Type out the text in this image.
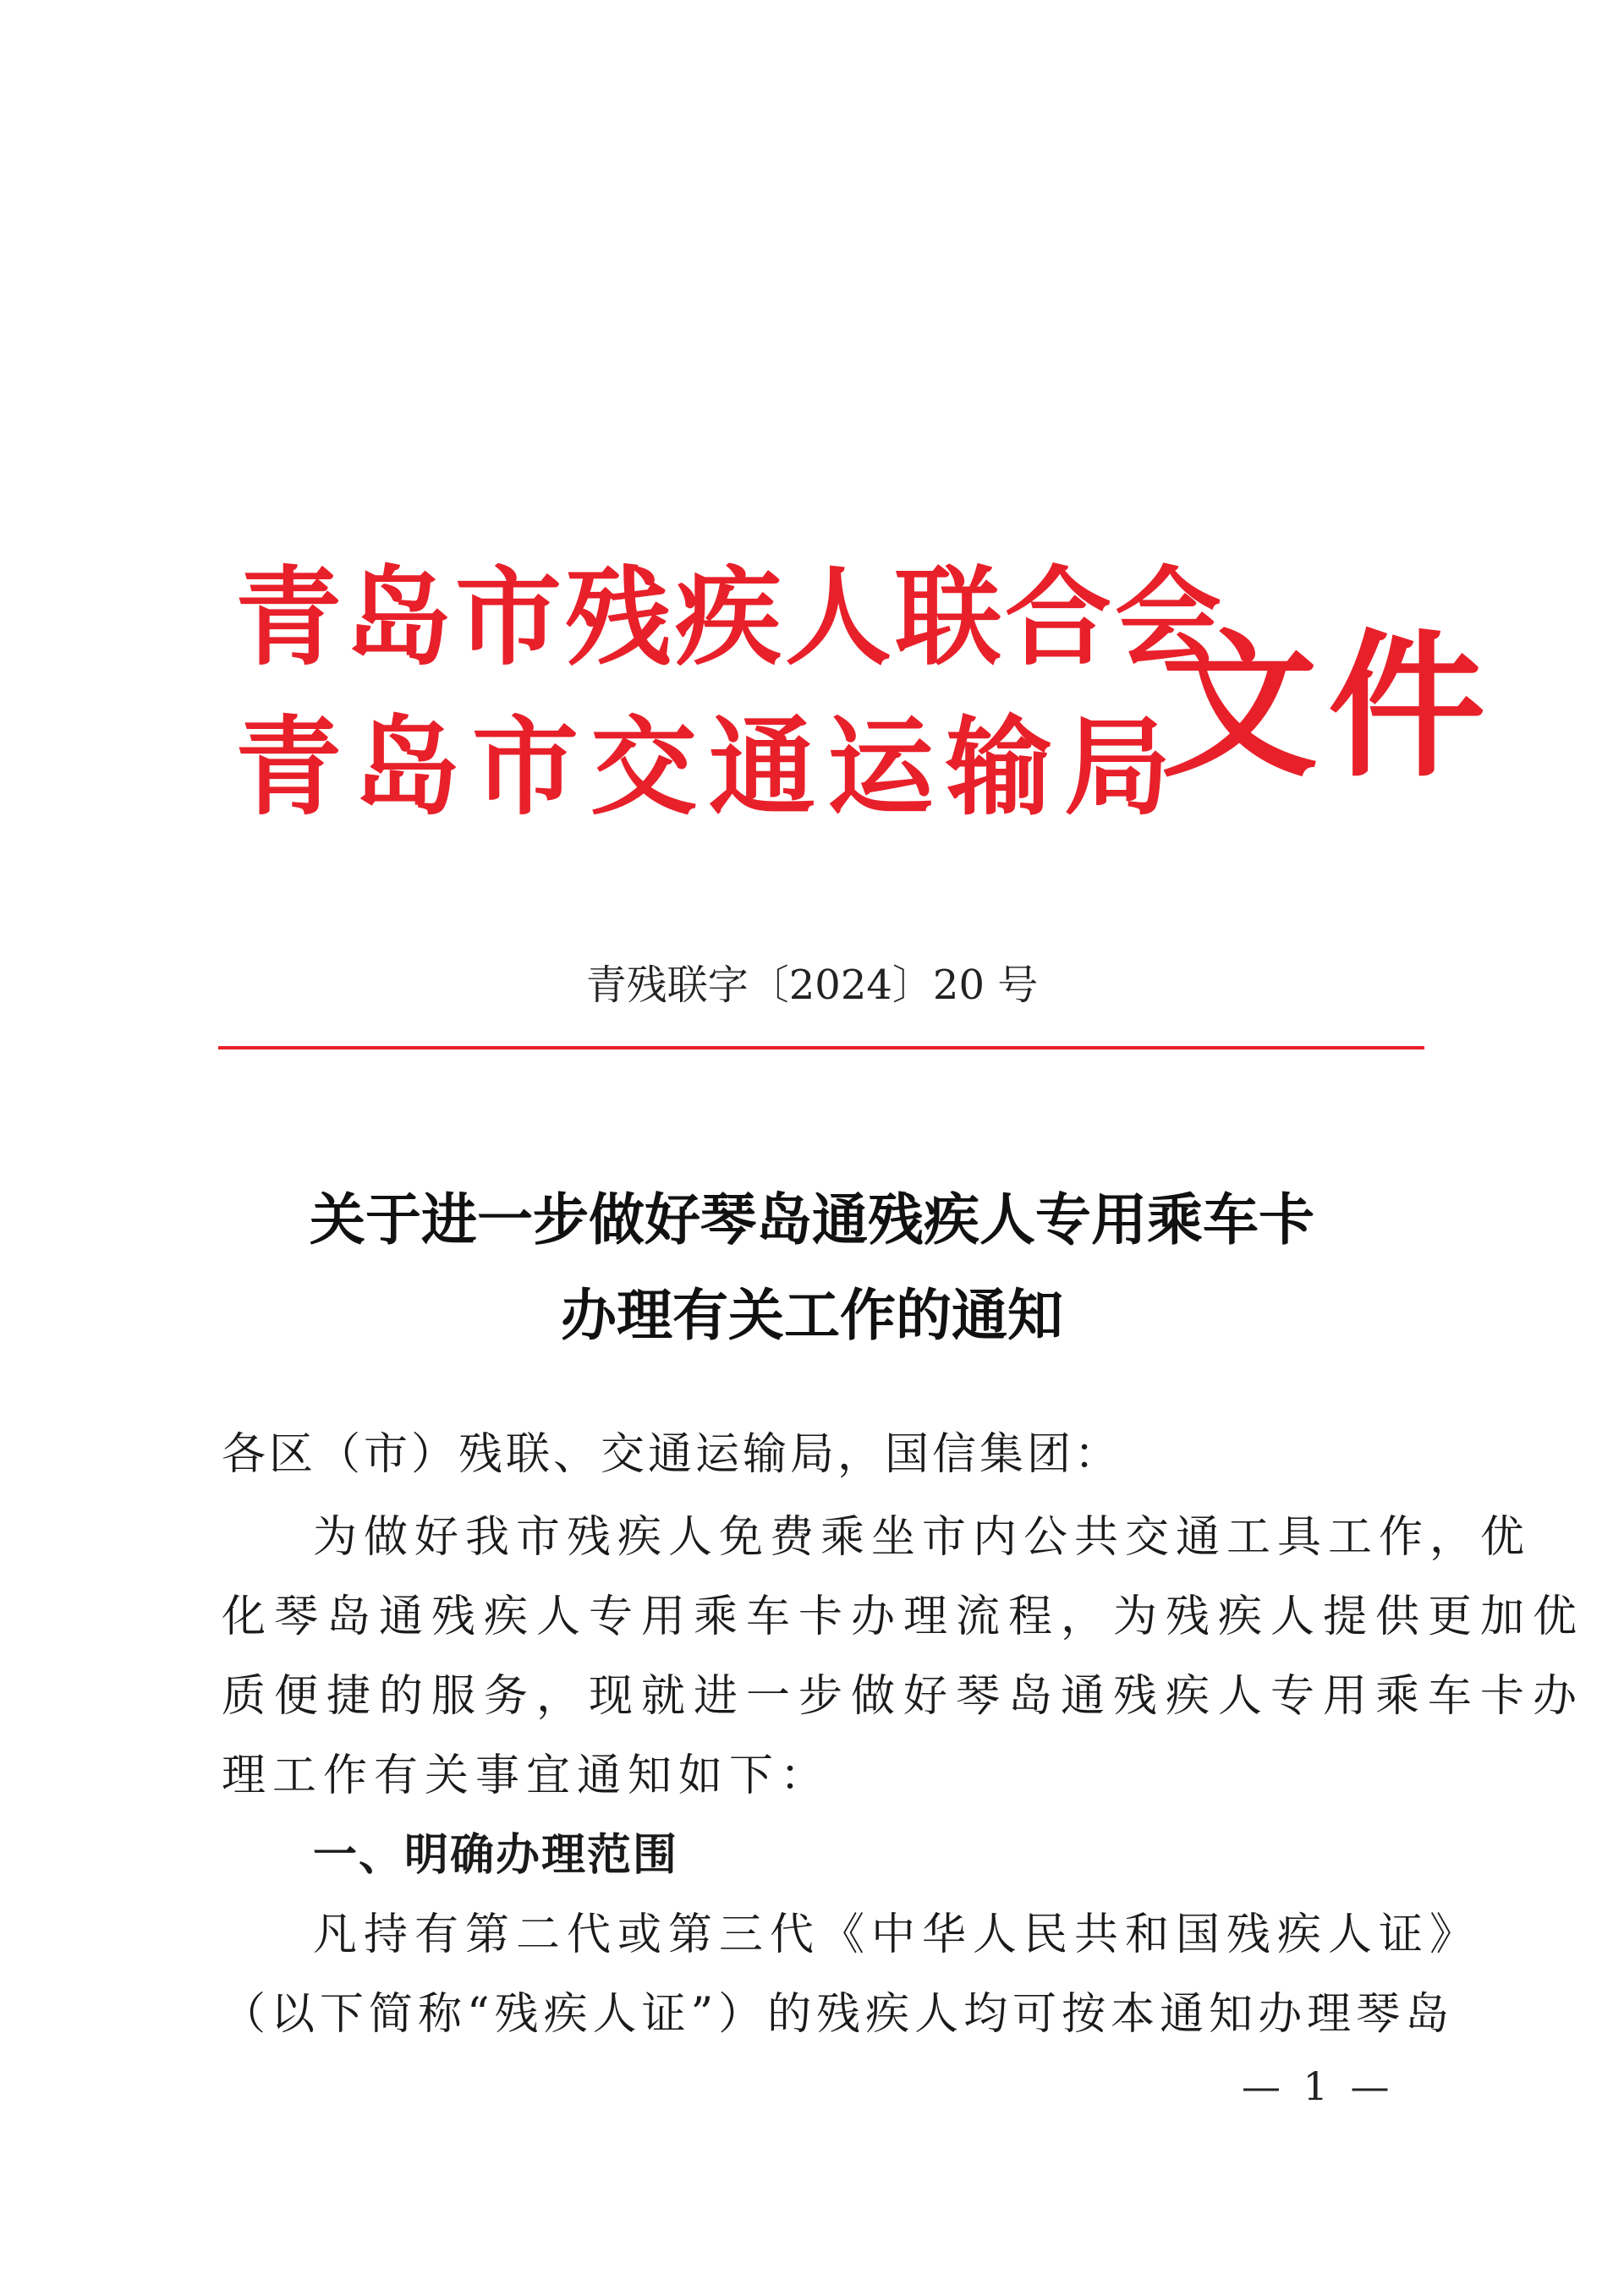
青岛市残疾人联合会
青岛市交通运输局
文件
青残联字〔2024〕20 号
关于进一步做好琴岛通残疾人专用乘车卡
办理有关工作的通知
各区（市）残联、交通运输局，国信集团：
为做好我市残疾人免费乘坐市内公共交通工具工作，优
化琴岛通残疾人专用乘车卡办理流程，为残疾人提供更加优
质便捷的服务，现就进一步做好琴岛通残疾人专用乘车卡办
理工作有关事宜通知如下：
一、明确办理范围
凡持有第二代或第三代《中华人民共和国残疾人证》
（以下简称“残疾人证”）的残疾人均可按本通知办理琴岛
— 1 —
